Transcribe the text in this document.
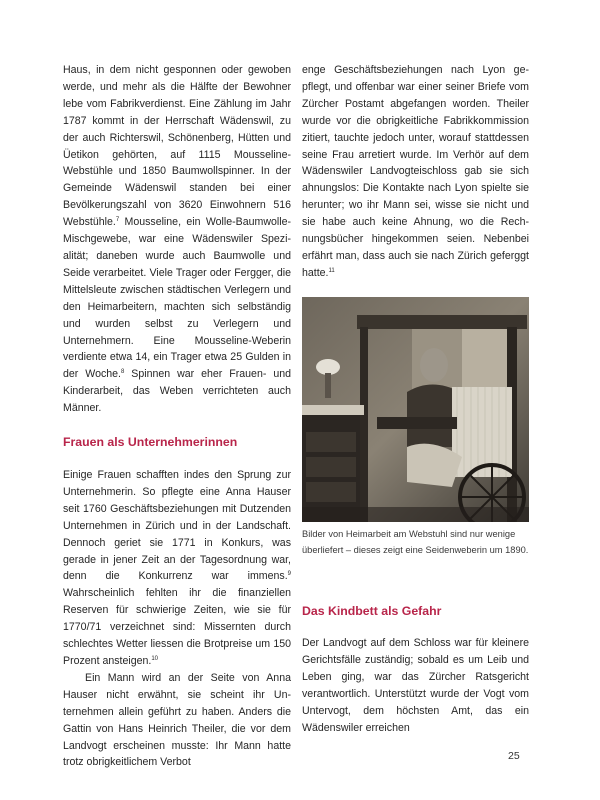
Haus, in dem nicht gesponnen oder gewoben werde, und mehr als die Hälfte der Bewohner lebe vom Fabrikverdienst. Eine Zählung im Jahr 1787 kommt in der Herrschaft Wädenswil, zu der auch Richterswil, Schönenberg, Hütten und Üetikon gehörten, auf 1115 Mousseline-Webstühle und 1850 Baumwollspinner. In der Gemeinde Wädenswil standen bei einer Bevölkerungszahl von 3620 Einwohnern 516 Webstühle.$^7$ Mousseline, ein Wolle-Baumwolle-Mischgewebe, war eine Wädenswiler Spezialität; daneben wurde auch Baumwolle und Seide verarbeitet. Viele Trager oder Fergger, die Mittelsleute zwischen städtischen Verlegern und den Heimarbeitern, machten sich selbständig und wurden selbst zu Verlegern und Unternehmern. Eine Mousseline-Weberin verdiente etwa 14, ein Trager etwa 25 Gulden in der Woche.$^8$ Spinnen war eher Frauen- und Kinderarbeit, das Weben verrichteten auch Männer.

Frauen als Unternehmerinnen

Einige Frauen schafften indes den Sprung zur Unternehmerin. So pflegte eine Anna Hauser seit 1760 Geschäftsbeziehungen mit Dutzenden Unternehmen in Zürich und in der Landschaft. Dennoch geriet sie 1771 in Konkurs, was gerade in jener Zeit an der Tagesordnung war, denn die Konkurrenz war immens.$^9$ Wahrscheinlich fehlten ihr die finanziellen Reserven für schwierige Zeiten, wie sie für 1770/71 verzeichnet sind: Missernten durch schlechtes Wetter liessen die Brotpreise um 150 Prozent ansteigen.$^{10}$

Ein Mann wird an der Seite von Anna Hauser nicht erwähnt, sie scheint ihr Unternehmen allein geführt zu haben. Anders die Gattin von Hans Heinrich Theiler, die vor dem Landvogt erscheinen musste: Ihr Mann hatte trotz obrigkeitlichem Verbot

enge Geschäftsbeziehungen nach Lyon gepflegt, und offenbar war einer seiner Briefe vom Zürcher Postamt abgefangen worden. Theiler wurde vor die obrigkeitliche Fabrikkommission zitiert, tauchte jedoch unter, worauf stattdessen seine Frau arretiert wurde. Im Verhör auf dem Wädenswiler Landvogteischloss gab sie sich ahnungslos: Die Kontakte nach Lyon spielte sie herunter; wo ihr Mann sei, wisse sie nicht und sie habe auch keine Ahnung, wo die Rechnungsbücher hingekommen seien. Nebenbei erfährt man, dass auch sie nach Zürich geferggt hatte.$^{11}$

Bilder von Heimarbeit am Webstuhl sind nur wenige überliefert – dieses zeigt eine Seidenweberin um 1890.
Das Kindbett als Gefahr

Der Landvogt auf dem Schloss war für kleinere Gerichtsfälle zuständig; sobald es um Leib und Leben ging, war das Zürcher Ratsgericht verantwortlich. Unterstützt wurde der Vogt vom Untervogt, dem höchsten Amt, das ein Wädenswiler erreichen

25
